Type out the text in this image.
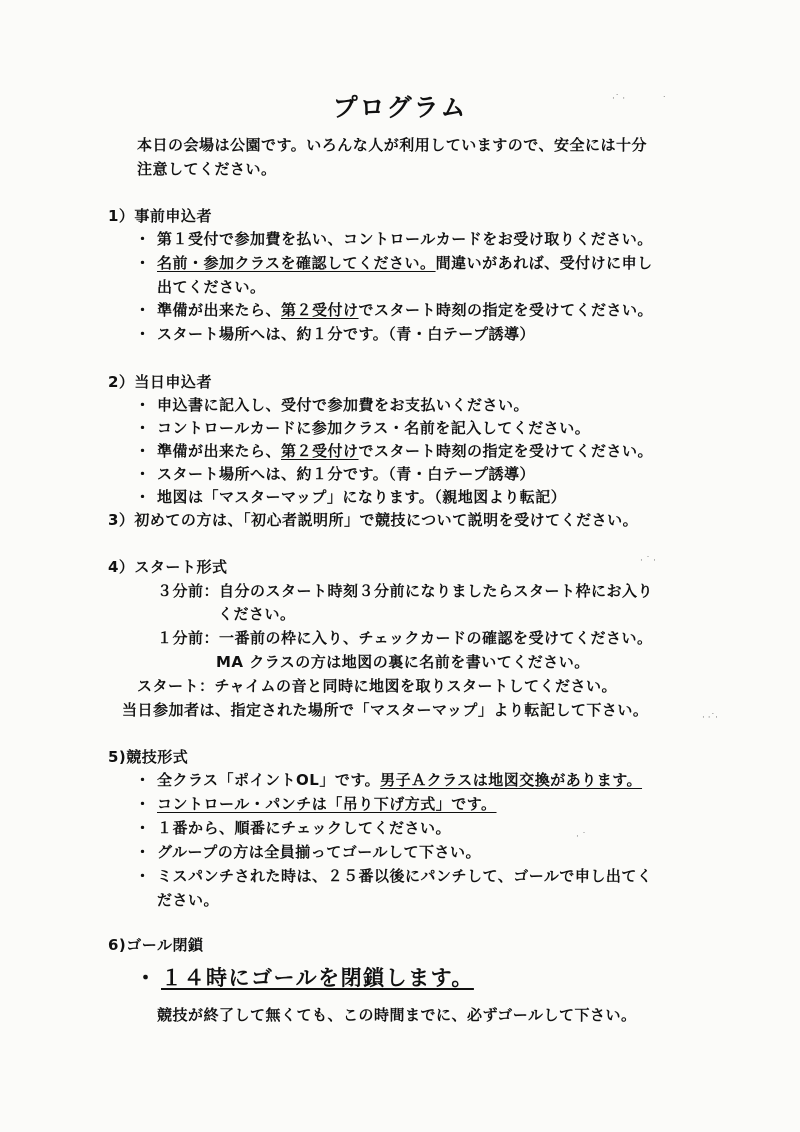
·˙ ·	˙
· ˙ ·
· ·˙·
· ˙
プログラム
本日の会場は公園です。いろんな人が利用していますので、安全には十分
注意してください。
1）事前申込者
・ 第１受付で参加費を払い、コントロールカードをお受け取りください。
・ 名前・参加クラスを確認してください。間違いがあれば、受付けに申し
出てください。
・ 準備が出来たら、第２受付けでスタート時刻の指定を受けてください。
・ スタート場所へは、約１分です。（青・白テープ誘導）
2）当日申込者
・ 申込書に記入し、受付で参加費をお支払いください。
・ コントロールカードに参加クラス・名前を記入してください。
・ 準備が出来たら、第２受付けでスタート時刻の指定を受けてください。
・ スタート場所へは、約１分です。（青・白テープ誘導）
・ 地図は「マスターマップ」になります。（親地図より転記）
3）初めての方は、「初心者説明所」で競技について説明を受けてください。
4）スタート形式
３分前：自分のスタート時刻３分前になりましたらスタート枠にお入り
ください。
１分前：一番前の枠に入り、チェックカードの確認を受けてください。
MA クラスの方は地図の裏に名前を書いてください。
スタート：チャイムの音と同時に地図を取りスタートしてください。
当日参加者は、指定された場所で「マスターマップ」より転記して下さい。
5)競技形式
・ 全クラス「ポイントOL」です。男子Ａクラスは地図交換があります。
・ コントロール・パンチは「吊り下げ方式」です。
・ １番から、順番にチェックしてください。
・ グループの方は全員揃ってゴールして下さい。
・ ミスパンチされた時は、２５番以後にパンチして、ゴールで申し出てく
ださい。
6)ゴール閉鎖
・ １４時にゴールを閉鎖します。
競技が終了して無くても、この時間までに、必ずゴールして下さい。
